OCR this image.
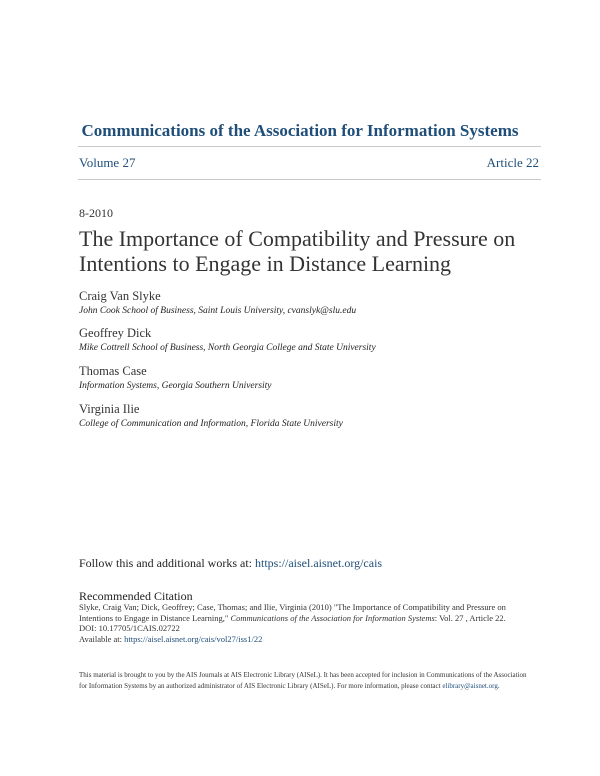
Communications of the Association for Information Systems
Volume 27	Article 22
8-2010
The Importance of Compatibility and Pressure on Intentions to Engage in Distance Learning
Craig Van Slyke
John Cook School of Business, Saint Louis University, cvanslyk@slu.edu
Geoffrey Dick
Mike Cottrell School of Business, North Georgia College and State University
Thomas Case
Information Systems, Georgia Southern University
Virginia Ilie
College of Communication and Information, Florida State University
Follow this and additional works at: https://aisel.aisnet.org/cais
Recommended Citation
Slyke, Craig Van; Dick, Geoffrey; Case, Thomas; and Ilie, Virginia (2010) "The Importance of Compatibility and Pressure on Intentions to Engage in Distance Learning," Communications of the Association for Information Systems: Vol. 27 , Article 22.
DOI: 10.17705/1CAIS.02722
Available at: https://aisel.aisnet.org/cais/vol27/iss1/22
This material is brought to you by the AIS Journals at AIS Electronic Library (AISeL). It has been accepted for inclusion in Communications of the Association for Information Systems by an authorized administrator of AIS Electronic Library (AISeL). For more information, please contact elibrary@aisnet.org.
